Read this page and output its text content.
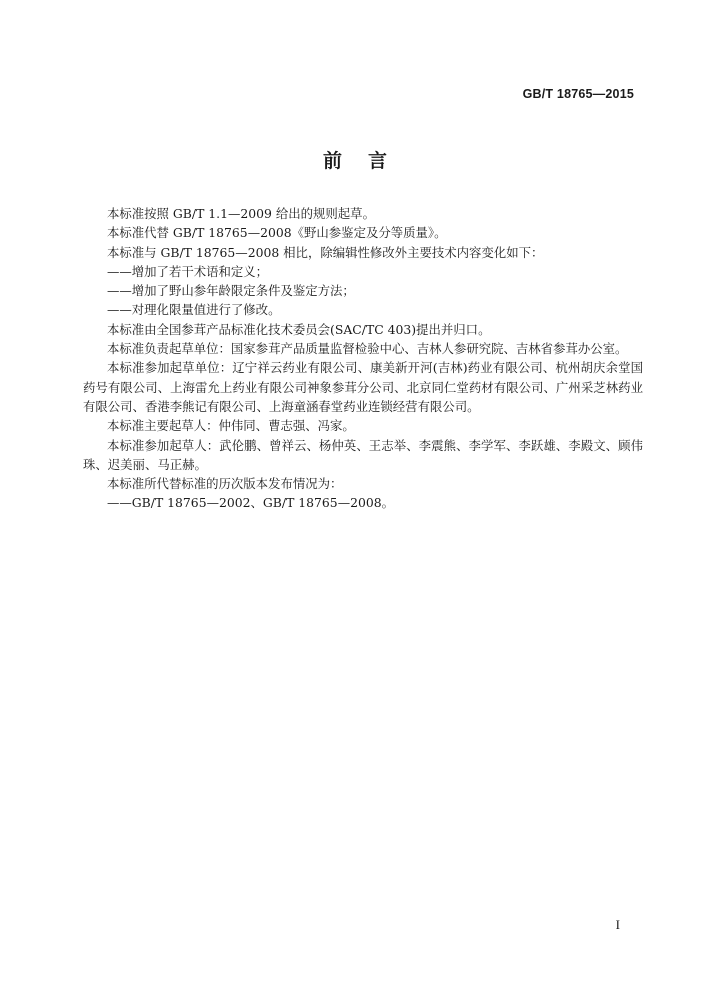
GB/T 18765—2015
前言

本标准按照 GB/T 1.1—2009 给出的规则起草。

本标准代替 GB/T 18765—2008《野山参鉴定及分等质量》。

本标准与 GB/T 18765—2008 相比，除编辑性修改外主要技术内容变化如下：

——增加了若干术语和定义；

——增加了野山参年龄限定条件及鉴定方法；

——对理化限量值进行了修改。

本标准由全国参茸产品标准化技术委员会(SAC/TC 403)提出并归口。

本标准负责起草单位：国家参茸产品质量监督检验中心、吉林人参研究院、吉林省参茸办公室。

本标准参加起草单位：辽宁祥云药业有限公司、康美新开河(吉林)药业有限公司、杭州胡庆余堂国药号有限公司、上海雷允上药业有限公司神象参茸分公司、北京同仁堂药材有限公司、广州采芝林药业有限公司、香港李熊记有限公司、上海童涵春堂药业连锁经营有限公司。

本标准主要起草人：仲伟同、曹志强、冯家。

本标准参加起草人：武伦鹏、曾祥云、杨仲英、王志举、李震熊、李学军、李跃雄、李殿文、顾伟珠、迟美丽、马正赫。

本标准所代替标准的历次版本发布情况为：

——GB/T 18765—2002、GB/T 18765—2008。

I
